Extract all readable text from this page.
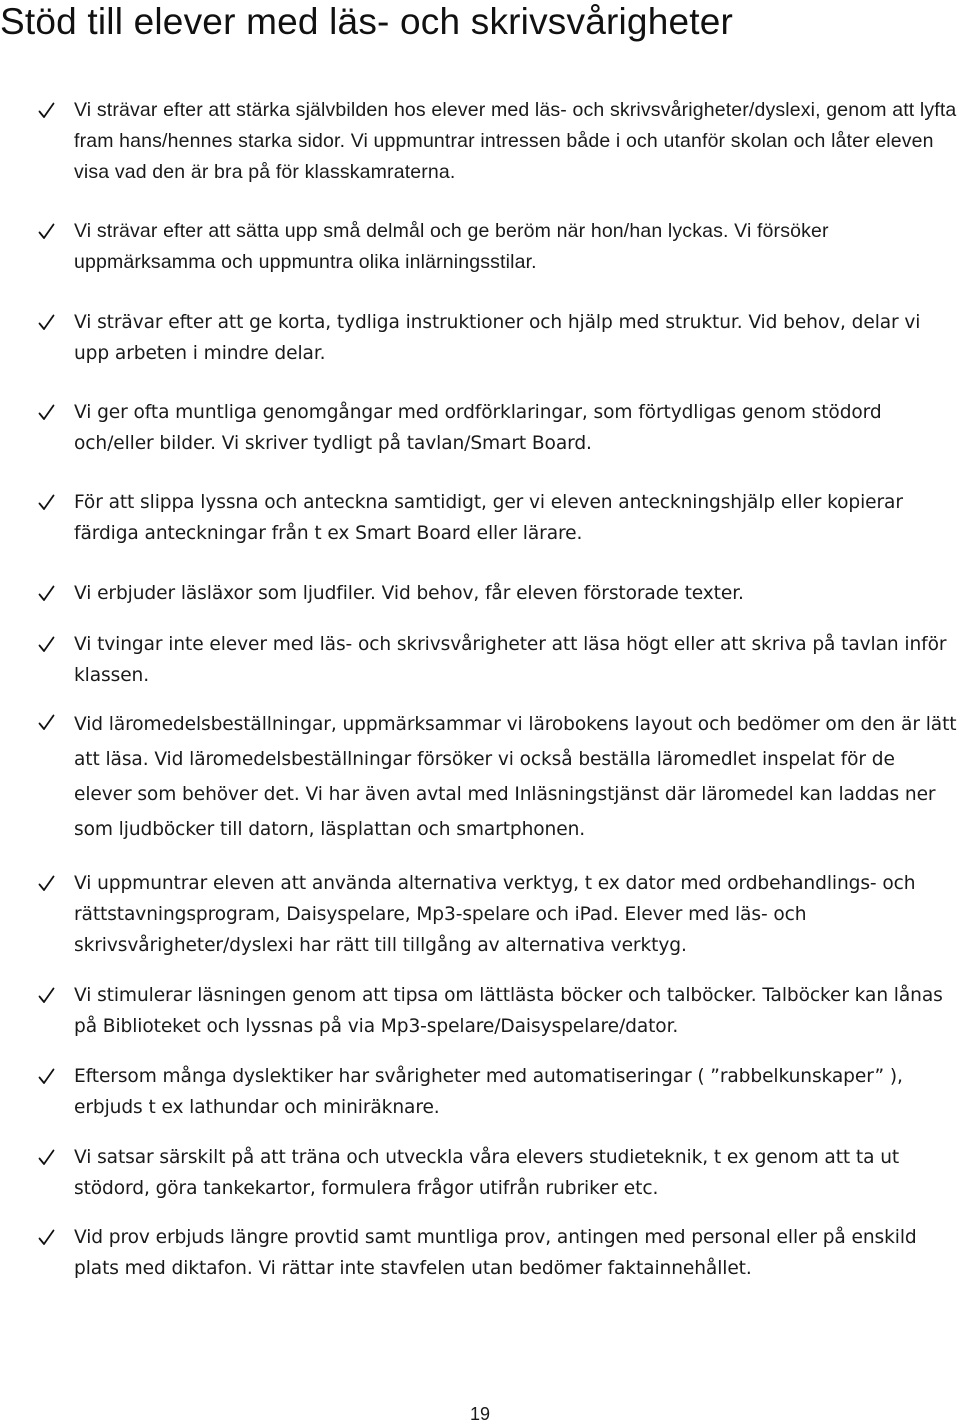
Stöd till elever med läs- och skrivsvårigheter

Vi strävar efter att stärka självbilden hos elever med läs- och skrivsvårigheter/dyslexi, genom att lyfta fram hans/hennes starka sidor. Vi uppmuntrar intressen både i och utanför skolan och låter eleven visa vad den är bra på för klasskamraterna.

Vi strävar efter att sätta upp små delmål och ge beröm när hon/han lyckas. Vi försöker uppmärksamma och uppmuntra olika inlärningsstilar.

Vi strävar efter att ge korta, tydliga instruktioner och hjälp med struktur. Vid behov, delar vi upp arbeten i mindre delar.

Vi ger ofta muntliga genomgångar med ordförklaringar, som förtydligas genom stödord och/eller bilder. Vi skriver tydligt på tavlan/Smart Board.

För att slippa lyssna och anteckna samtidigt, ger vi eleven anteckningshjälp eller kopierar färdiga anteckningar från t ex Smart Board eller lärare.

Vi erbjuder läsläxor som ljudfiler. Vid behov, får eleven förstorade texter.

Vi tvingar inte elever med läs- och skrivsvårigheter att läsa högt eller att skriva på tavlan inför klassen.

Vid läromedelsbeställningar, uppmärksammar vi lärobokens layout och bedömer om den är lätt att läsa. Vid läromedelsbeställningar försöker vi också beställa läromedlet inspelat för de elever som behöver det. Vi har även avtal med Inläsningstjänst där läromedel kan laddas ner som ljudböcker till datorn, läsplattan och smartphonen.

Vi uppmuntrar eleven att använda alternativa verktyg, t ex dator med ordbehandlings- och rättstavningsprogram, Daisyspelare, Mp3-spelare och iPad. Elever med läs- och skrivsvårigheter/dyslexi har rätt till tillgång av alternativa verktyg.

Vi stimulerar läsningen genom att tipsa om lättlästa böcker och talböcker. Talböcker kan lånas på Biblioteket och lyssnas på via Mp3-spelare/Daisyspelare/dator.

Eftersom många dyslektiker har svårigheter med automatiseringar ( ”rabbelkunskaper” ), erbjuds t ex lathundar och miniräknare.

Vi satsar särskilt på att träna och utveckla våra elevers studieteknik, t ex genom att ta ut stödord, göra tankekartor, formulera frågor utifrån rubriker etc.

Vid prov erbjuds längre provtid samt muntliga prov, antingen med personal eller på enskild plats med diktafon. Vi rättar inte stavfelen utan bedömer faktainnehållet.

19
